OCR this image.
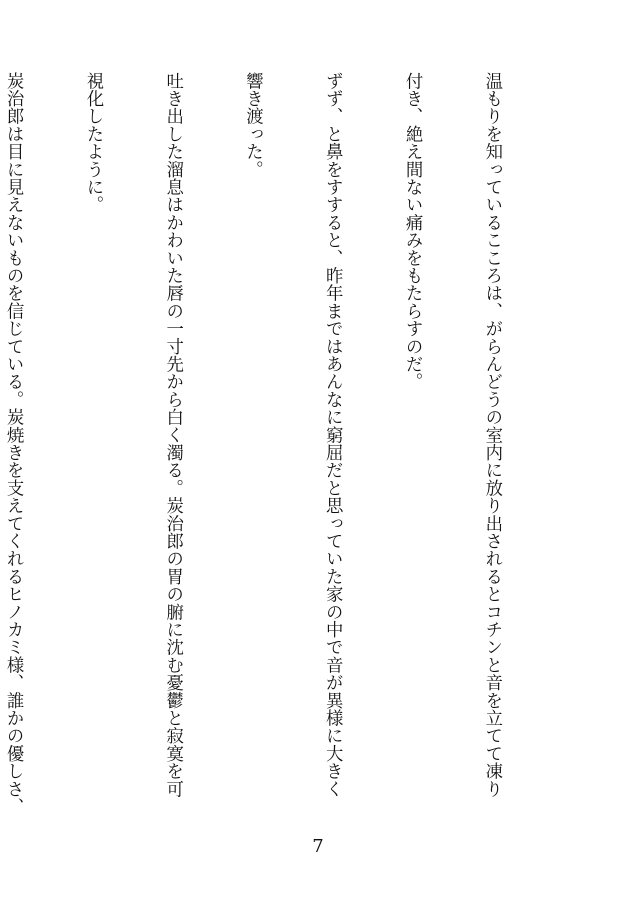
温もりを知っているこころは、がらんどうの室内に放り出されるとコチンと音を立てて凍り

付き、絶え間ない痛みをもたらすのだ。

ずず、と鼻をすすると、昨年まではあんなに窮屈だと思っていた家の中で音が異様に大きく

響き渡った。

吐き出した溜息はかわいた唇の一寸先から白く濁る。炭治郎の胃の腑に沈む憂鬱と寂寞を可

視化したように。

炭治郎は目に見えないものを信じている。炭焼きを支えてくれるヒノカミ様、誰かの優しさ、

7
